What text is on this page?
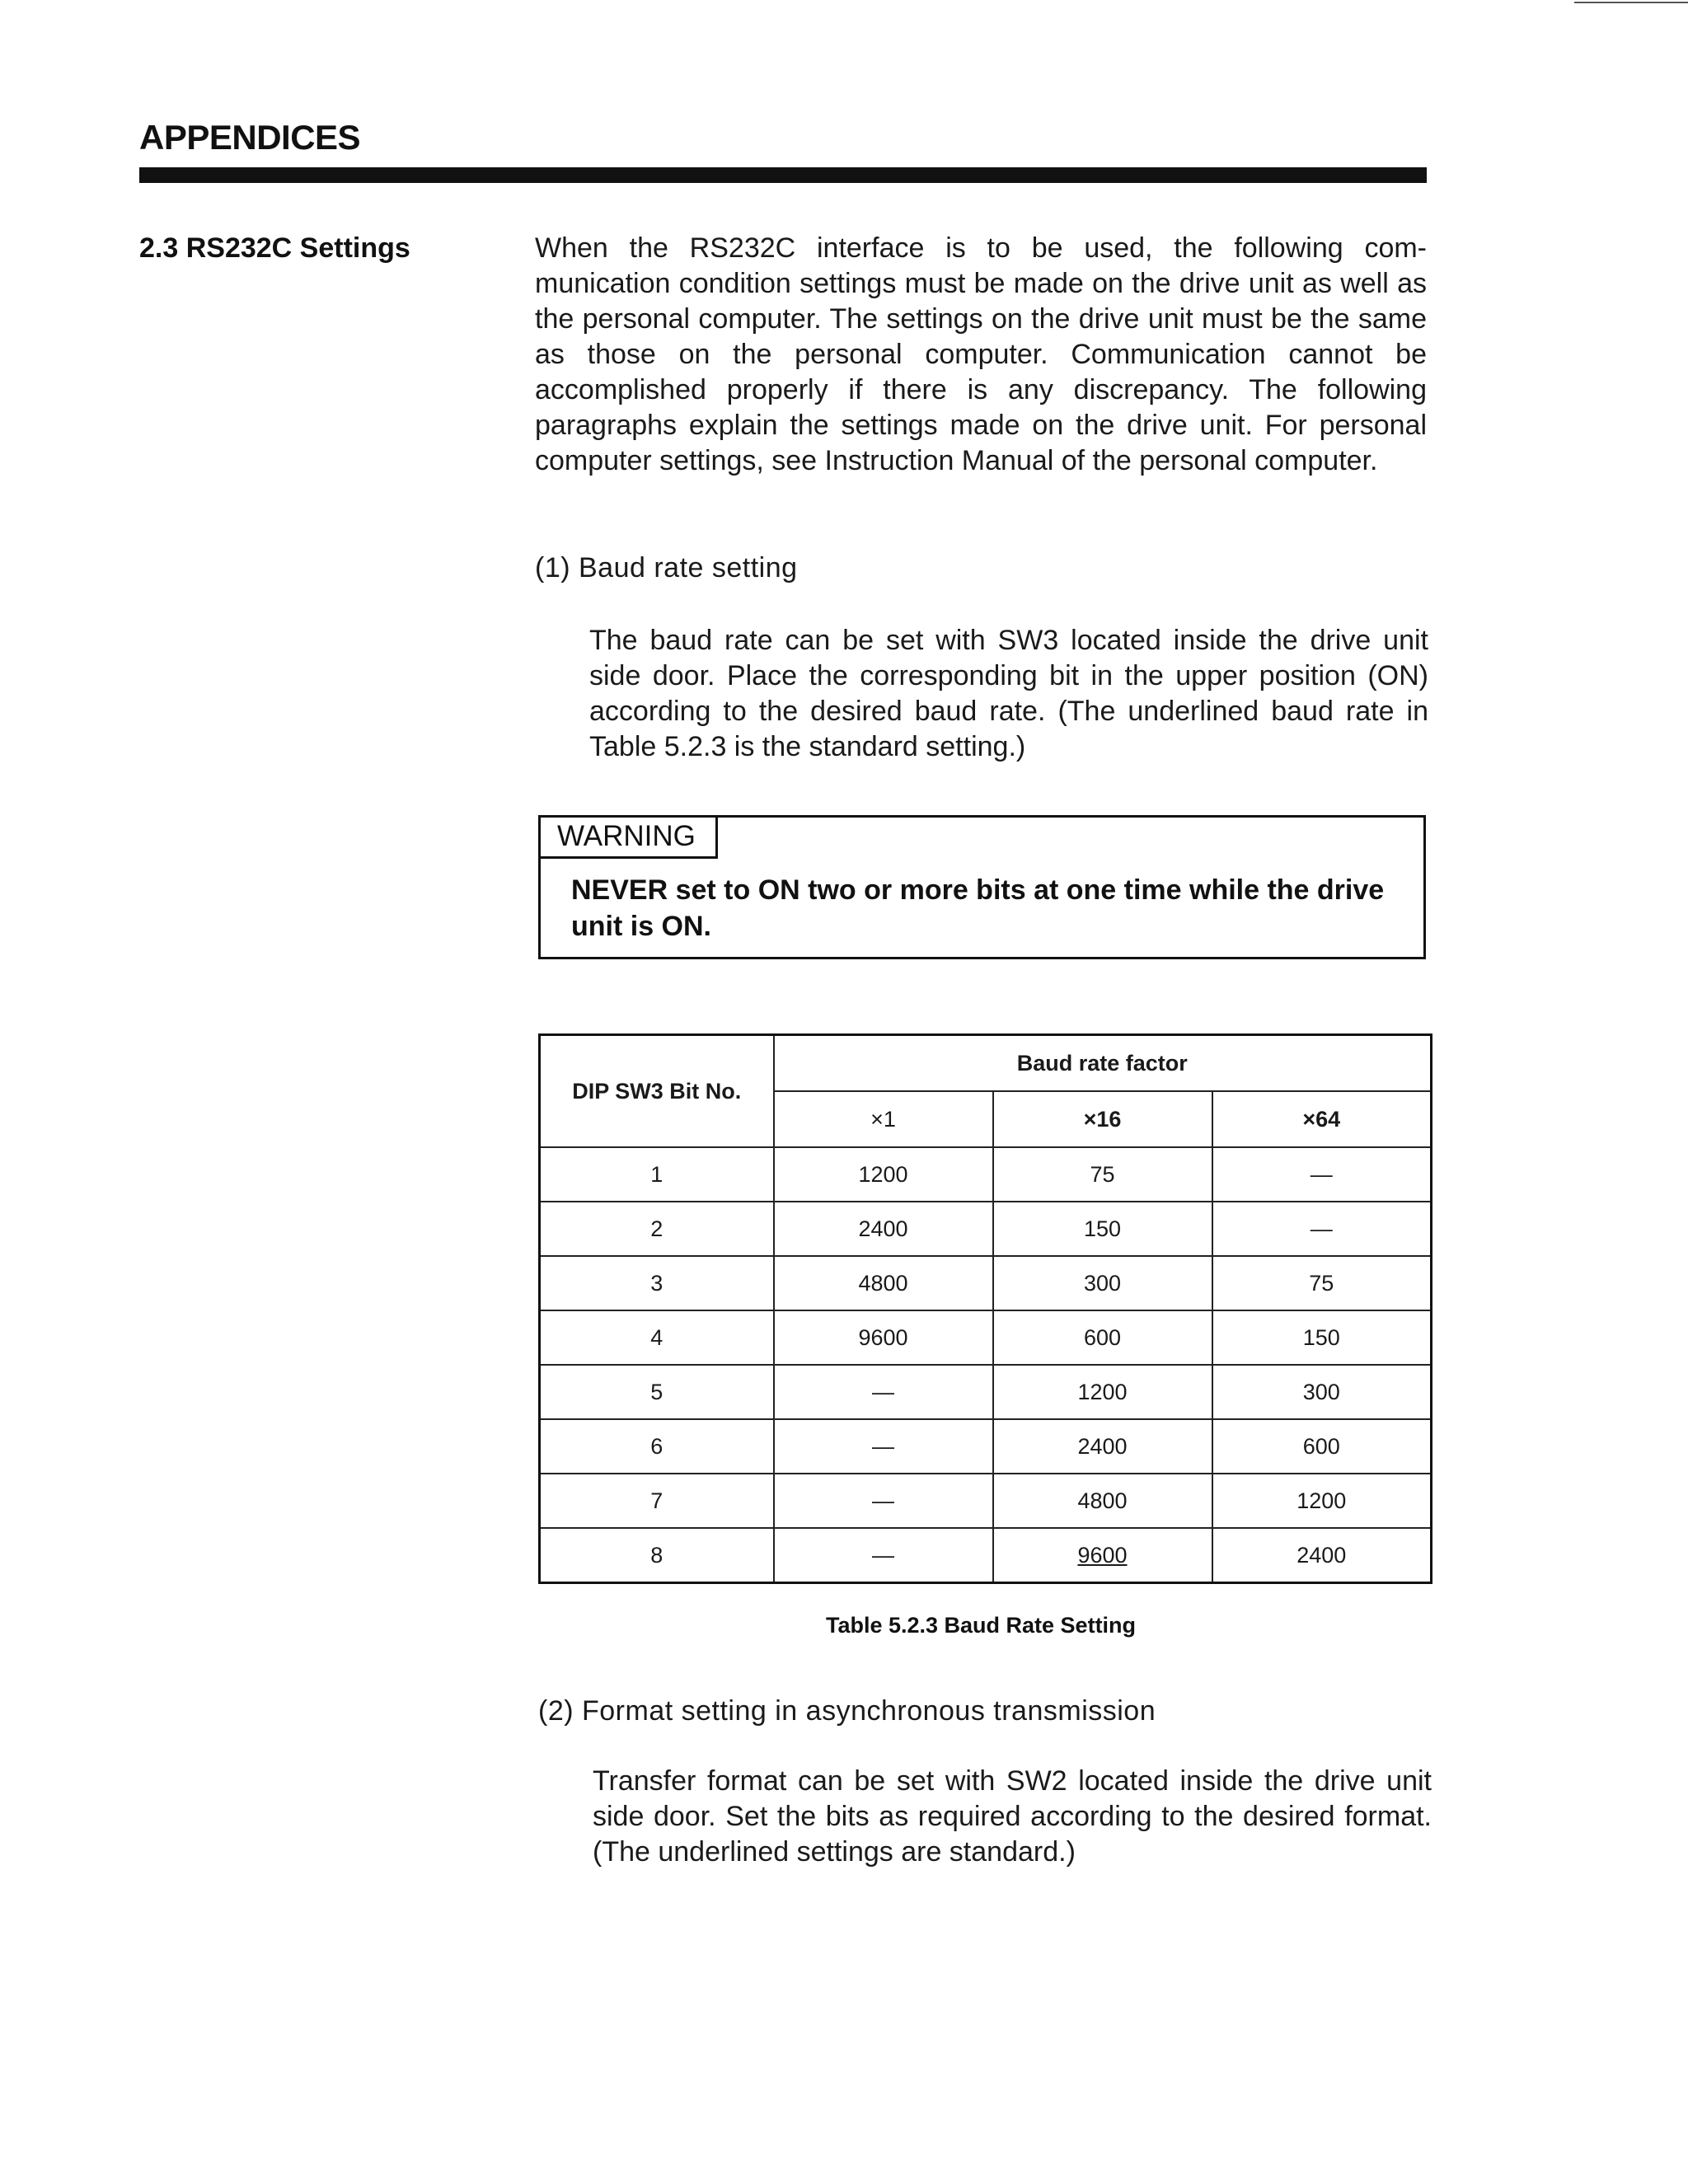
APPENDICES
2.3 RS232C Settings	When the RS232C interface is to be used, the following com-munication condition settings must be made on the drive unit as well as the personal computer. The settings on the drive unit must be the same as those on the personal computer. Communication cannot be accomplished properly if there is any discrepancy. The following paragraphs explain the settings made on the drive unit. For personal computer settings, see Instruction Manual of the personal computer.

(1) Baud rate setting

The baud rate can be set with SW3 located inside the drive unit side door. Place the corresponding bit in the upper position (ON) according to the desired baud rate. (The underlined baud rate in Table 5.2.3 is the standard setting.)

WARNING

NEVER set to ON two or more bits at one time while the drive unit is ON.

DIP SW3 Bit No.	Baud rate factor		
	×1	×16	×64
1	1200	75	—
2	2400	150	—
3	4800	300	75
4	9600	600	150
5	—	1200	300
6	—	2400	600
7	—	4800	1200
8	—	9600	2400

Table 5.2.3 Baud Rate Setting

(2) Format setting in asynchronous transmission

Transfer format can be set with SW2 located inside the drive unit side door. Set the bits as required according to the desired format. (The underlined settings are standard.)
